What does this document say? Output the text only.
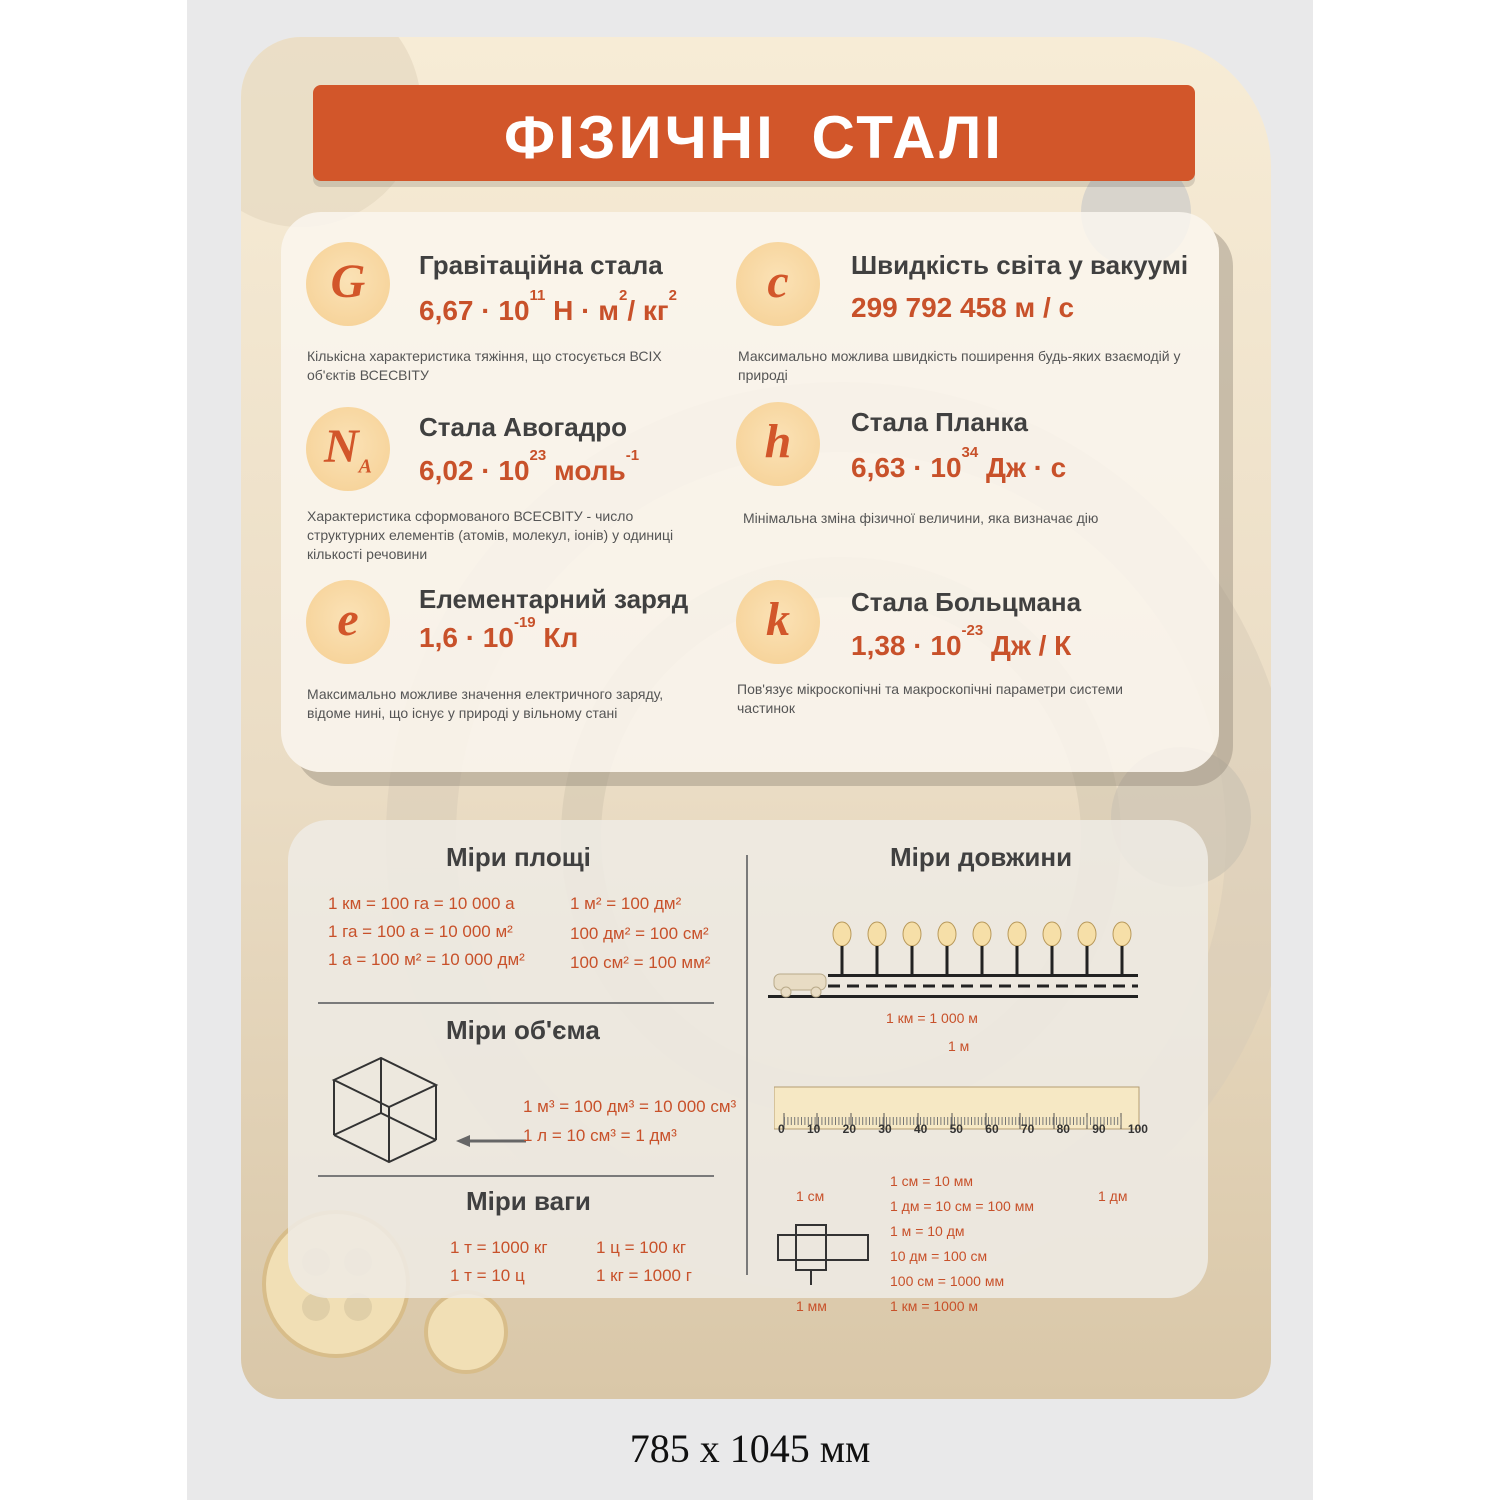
ФІЗИЧНІ СТАЛІ
G	Гравітаційна стала
$6,67 \cdot 10^{11}$ $Н \cdot м^2/$ $кг^2$
Кількісна характеристика тяжіння, що стосується ВСІХ об'єктів ВСЕСВІТУ
c	Швидкість світа у вакуумі
299 792 458 м / с
Максимально можлива швидкість поширення будь-яких взаємодій у природі
$N_A$
Стала Авогадро
$6,02 \cdot 10^{23}$ моль$^{-1}$
Характеристика сформованого ВСЕСВІТУ - число структурних елементів (атомів, молекул, іонів) у одиниці кількості речовини
h	Стала Планка
$6,63 \cdot 10^{34}$ Дж · с
Мінімальна зміна фізичної величини, яка визначає дію
e	Елементарний заряд
$1,6 \cdot 10^{-19}$ Кл
Максимально можливе значення електричного заряду, відоме нині, що існує у природі у вільному стані
k	Стала Больцмана
$1,38 \cdot 10^{-23}$ Дж / К
Пов'язує мікроскопічні та макроскопічні параметри системи частинок
Міри площі
1 км = 100 га = 10 000 а
1 га = 100 а = 10 000 м²
1 а = 100 м² = 10 000 дм²
1 м² = 100 дм²
100 дм² = 100 см²
100 см² = 100 мм²
Міри об'єма
1 м³ = 100 дм³ = 10 000 см³
1 л = 10 см³ = 1 дм³
Міри ваги
1 т = 1000 кг
1 т = 10 ц
1 ц = 100 кг
1 кг = 1000 г
Міри довжини
1 км = 1 000 м
1 м
0 10 20 30 40 50 60 70 80 90 100
1 см	1 дм
1 мм
1 см = 10 мм
1 дм = 10 см = 100 мм
1 м = 10 дм
10 дм = 100 см
100 см = 1000 мм
1 км = 1000 м
785 х 1045 мм
